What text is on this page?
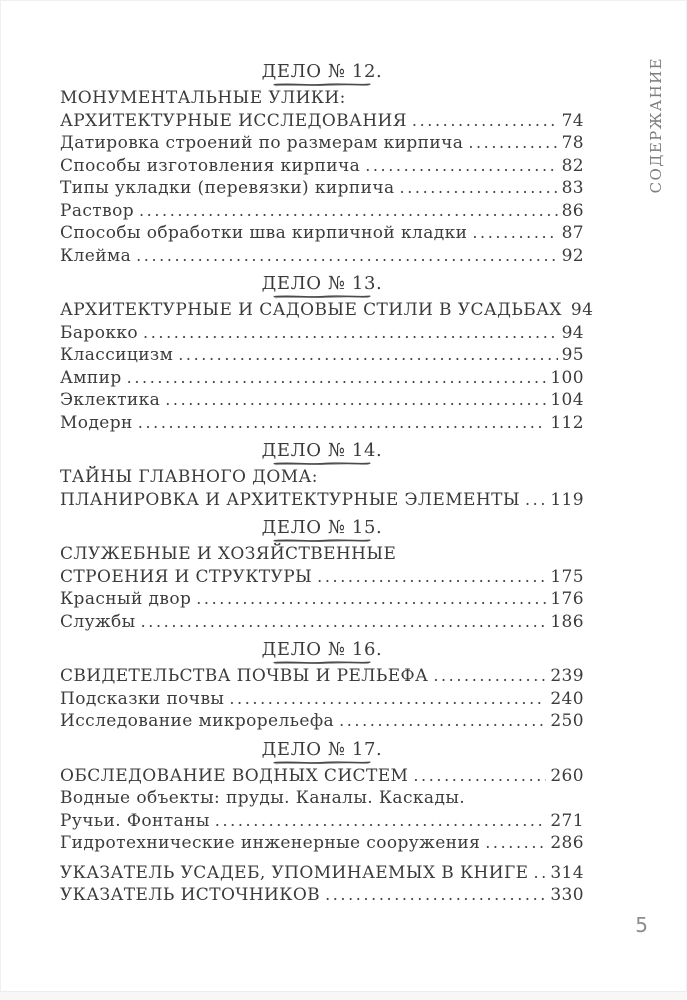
ДЕЛО № 12.

МОНУМЕНТАЛЬНЫЕ УЛИКИ:

АРХИТЕКТУРНЫЕ ИССЛЕДОВАНИЯ .....	74

Датировка строений по размерам кирпича .....	78

Способы изготовления кирпича .....	82

Типы укладки (перевязки) кирпича .....	83

Раствор .....	86

Способы обработки шва кирпичной кладки .....	87

Клейма .....	92

ДЕЛО № 13.

АРХИТЕКТУРНЫЕ И САДОВЫЕ СТИЛИ В УСАДЬБАХ 94

Барокко .....	94

Классицизм .....	95

Ампир .....	100

Эклектика .....	104

Модерн .....	112

ДЕЛО № 14.

ТАЙНЫ ГЛАВНОГО ДОМА:

ПЛАНИРОВКА И АРХИТЕКТУРНЫЕ ЭЛЕМЕНТЫ ..... 119

ДЕЛО № 15.

СЛУЖЕБНЫЕ И ХОЗЯЙСТВЕННЫЕ

СТРОЕНИЯ И СТРУКТУРЫ .....	175

Красный двор .....	176

Службы .....	186

ДЕЛО № 16.

СВИДЕТЕЛЬСТВА ПОЧВЫ И РЕЛЬЕФА .....	239

Подсказки почвы .....	240

Исследование микрорельефа .....	250

ДЕЛО № 17.

ОБСЛЕДОВАНИЕ ВОДНЫХ СИСТЕМ .....	260

Водные объекты: пруды. Каналы. Каскады.

Ручьи. Фонтаны .....	271

Гидротехнические инженерные сооружения .....	286

УКАЗАТЕЛЬ УСАДЕБ, УПОМИНАЕМЫХ В КНИГЕ ..... 314

УКАЗАТЕЛЬ ИСТОЧНИКОВ .....	330

СОДЕРЖАНИЕ
5
